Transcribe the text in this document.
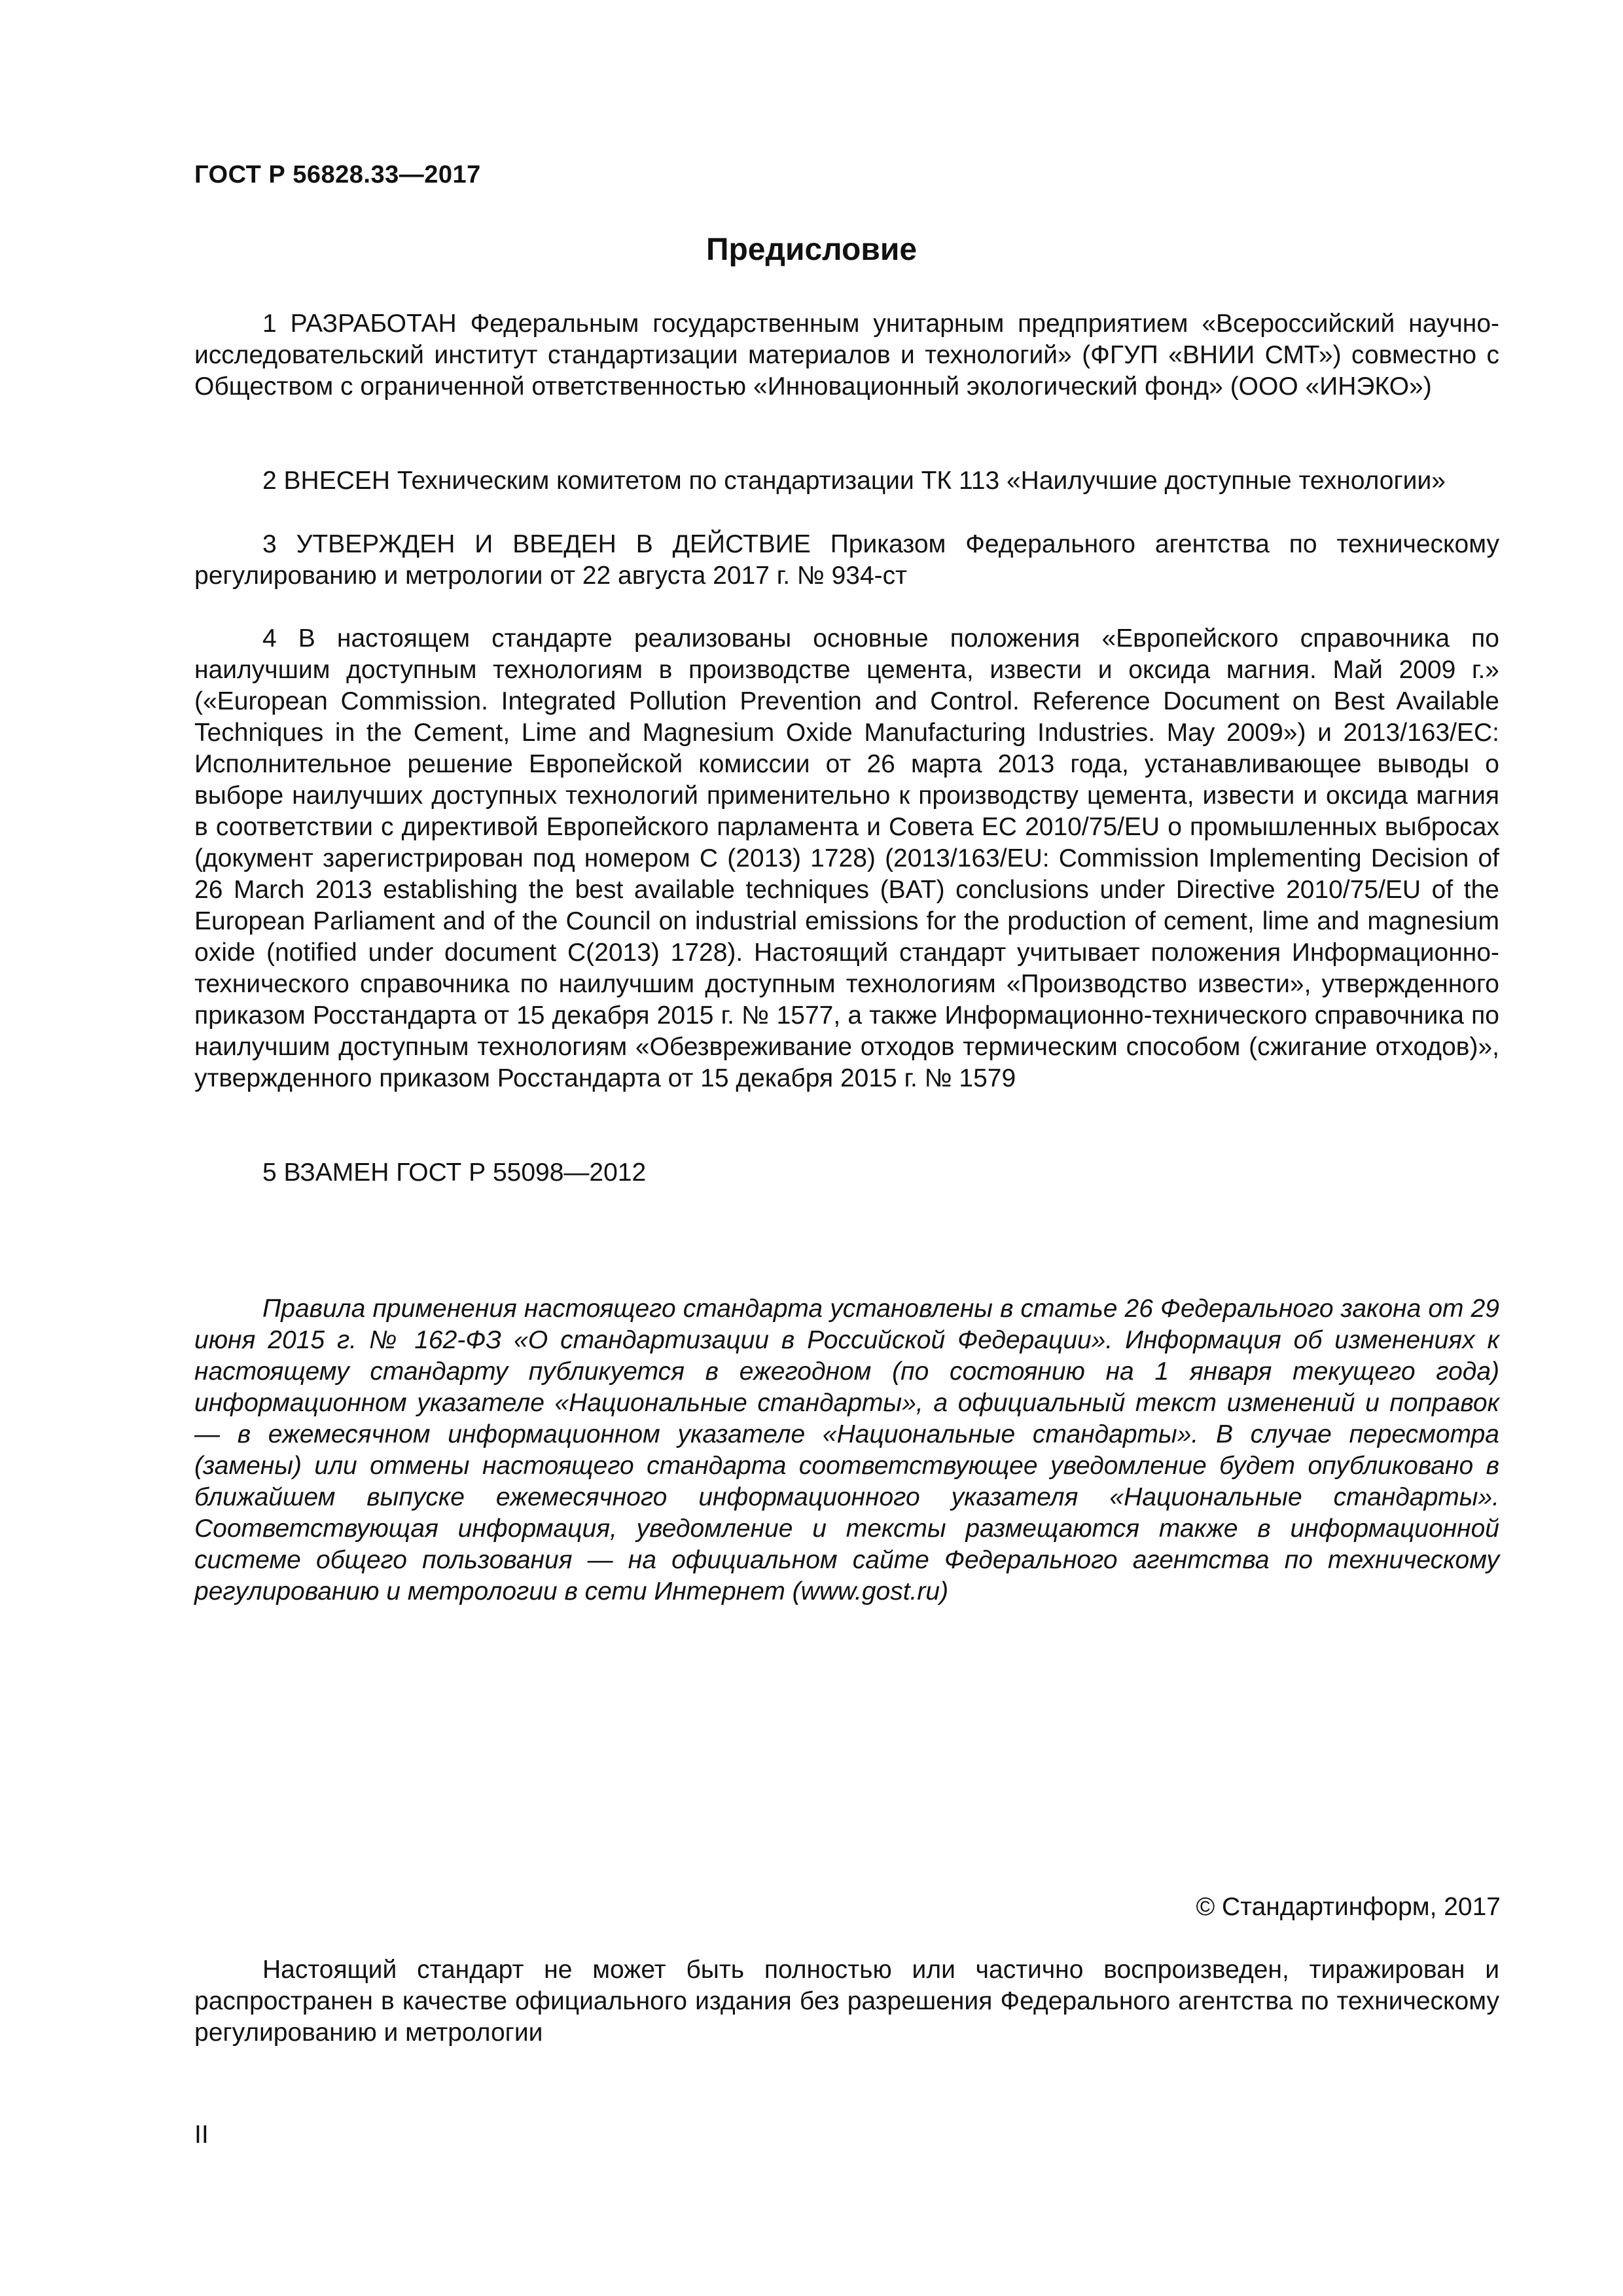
ГОСТ Р 56828.33—2017
Предисловие

1 РАЗРАБОТАН Федеральным государственным унитарным предприятием «Всероссийский научно-исследовательский институт стандартизации материалов и технологий» (ФГУП «ВНИИ СМТ») совместно с Обществом с ограниченной ответственностью «Инновационный экологический фонд» (ООО «ИНЭКО»)

2 ВНЕСЕН Техническим комитетом по стандартизации ТК 113 «Наилучшие доступные технологии»

3 УТВЕРЖДЕН И ВВЕДЕН В ДЕЙСТВИЕ Приказом Федерального агентства по техническому регулированию и метрологии от 22 августа 2017 г. № 934-ст

4 В настоящем стандарте реализованы основные положения «Европейского справочника по наилучшим доступным технологиям в производстве цемента, извести и оксида магния. Май 2009 г.» («European Commission. Integrated Pollution Prevention and Control. Reference Document on Best Available Techniques in the Cement, Lime and Magnesium Oxide Manufacturing Industries. May 2009») и 2013/163/ЕС: Исполнительное решение Европейской комиссии от 26 марта 2013 года, устанавливающее выводы о выборе наилучших доступных технологий применительно к производству цемента, извести и оксида магния в соответствии с директивой Европейского парламента и Совета ЕС 2010/75/EU о промышленных выбросах (документ зарегистрирован под номером С (2013) 1728) (2013/163/EU: Commission Implementing Decision of 26 March 2013 establishing the best available techniques (BAT) conclusions under Directive 2010/75/EU of the European Parliament and of the Council on industrial emissions for the production of cement, lime and magnesium oxide (notified under document C(2013) 1728). Настоящий стандарт учитывает положения Информационно-технического справочника по наилучшим доступным технологиям «Производство извести», утвержденного приказом Росстандарта от 15 декабря 2015 г. № 1577, а также Информационно-технического справочника по наилучшим доступным технологиям «Обезвреживание отходов термическим способом (сжигание отходов)», утвержденного приказом Росстандарта от 15 декабря 2015 г. № 1579

5 ВЗАМЕН ГОСТ Р 55098—2012

Правила применения настоящего стандарта установлены в статье 26 Федерального закона от 29 июня 2015 г. № 162-ФЗ «О стандартизации в Российской Федерации». Информация об изменениях к настоящему стандарту публикуется в ежегодном (по состоянию на 1 января текущего года) информационном указателе «Национальные стандарты», а официальный текст изменений и поправок — в ежемесячном информационном указателе «Национальные стандарты». В случае пересмотра (замены) или отмены настоящего стандарта соответствующее уведомление будет опубликовано в ближайшем выпуске ежемесячного информационного указателя «Национальные стандарты». Соответствующая информация, уведомление и тексты размещаются также в информационной системе общего пользования — на официальном сайте Федерального агентства по техническому регулированию и метрологии в сети Интернет (www.gost.ru)

© Стандартинформ, 2017

Настоящий стандарт не может быть полностью или частично воспроизведен, тиражирован и распространен в качестве официального издания без разрешения Федерального агентства по техническому регулированию и метрологии

II
